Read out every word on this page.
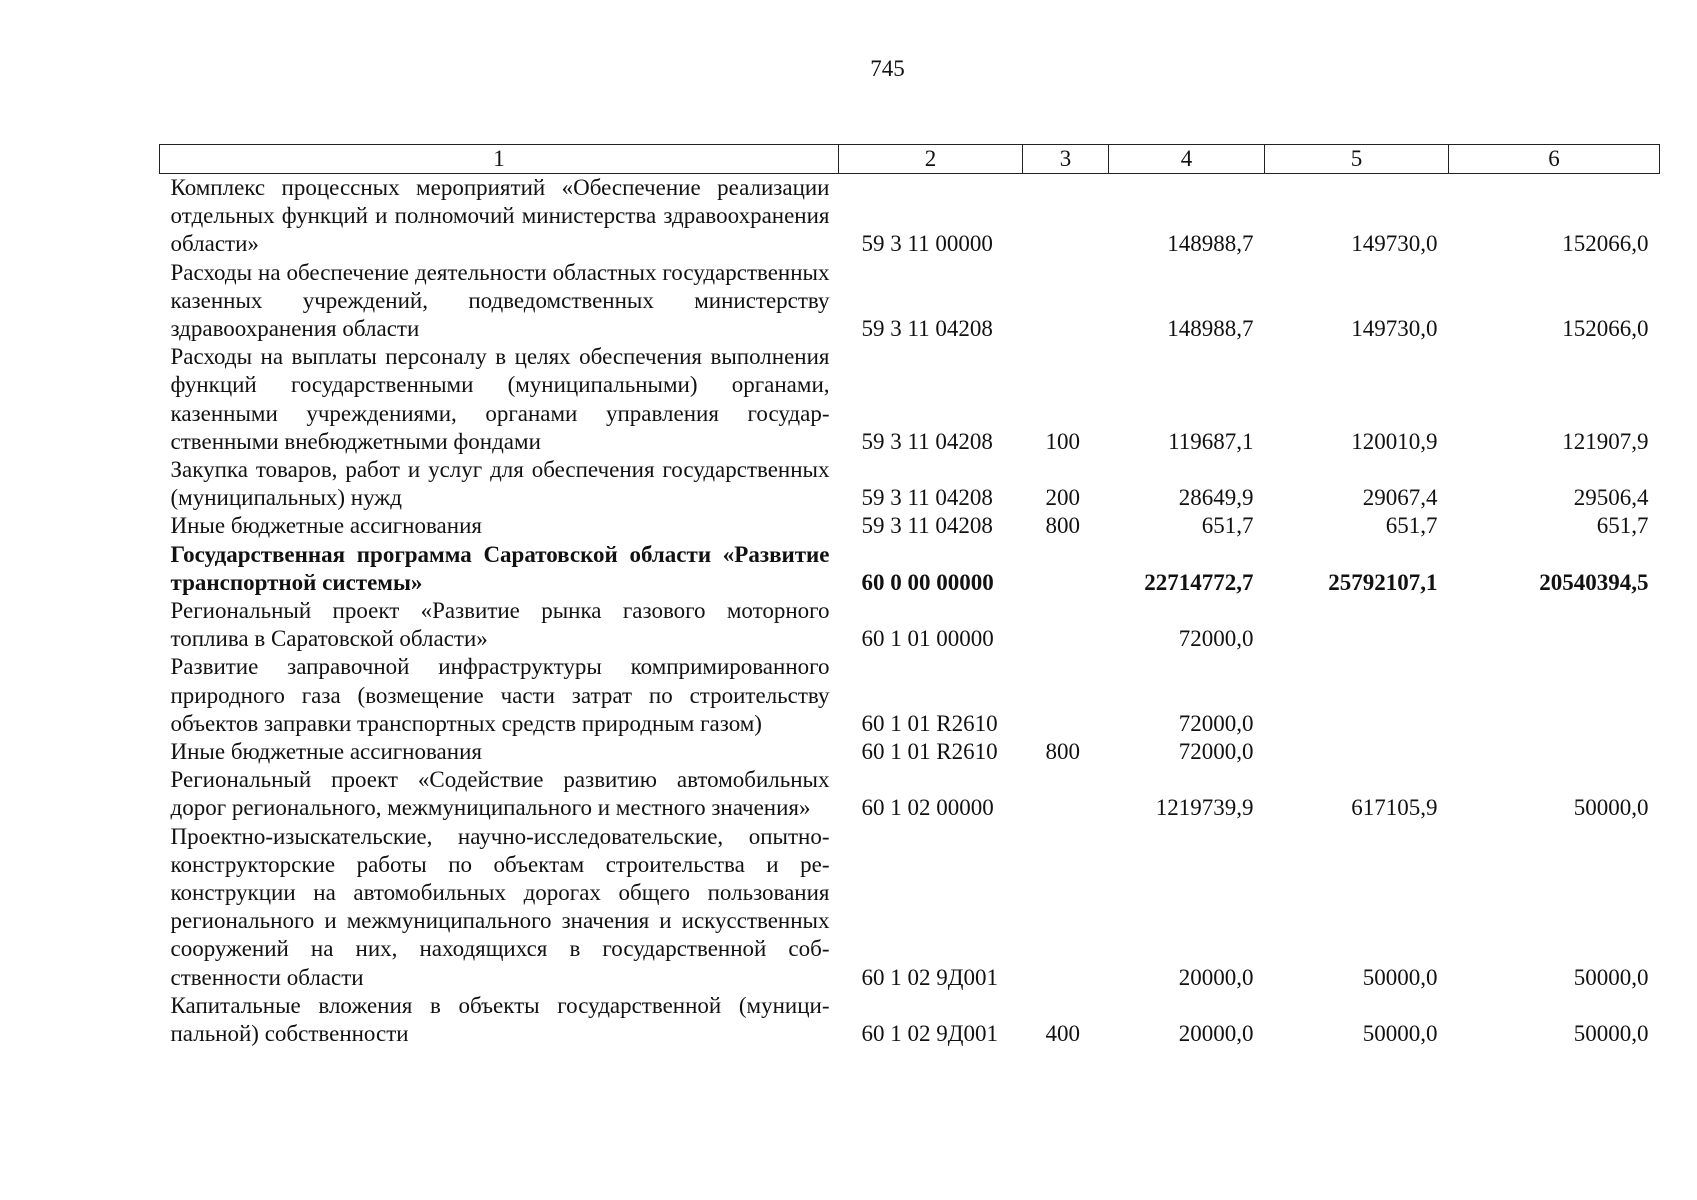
745
1	2	3	4	5	6
Комплекс процессных мероприятий «Обеспечение реализации отдельных функций и полномочий министерства здравоохранения области»	59 3 11 00000		148988,7	149730,0	152066,0
Расходы на обеспечение деятельности областных государственных казенных учреждений, подведомственных министерству здравоохранения области	59 3 11 04208		148988,7	149730,0	152066,0
Расходы на выплаты персоналу в целях обеспечения выполнения функций государственными (муниципальными) органами, казенными учреждениями, органами управления государственными внебюджетными фондами	59 3 11 04208	100	119687,1	120010,9	121907,9
Закупка товаров, работ и услуг для обеспечения государственных (муниципальных) нужд	59 3 11 04208	200	28649,9	29067,4	29506,4
Иные бюджетные ассигнования	59 3 11 04208	800	651,7	651,7	651,7
Государственная программа Саратовской области «Развитие транспортной системы»	60 0 00 00000		22714772,7	25792107,1	20540394,5
Региональный проект «Развитие рынка газового моторного топлива в Саратовской области»	60 1 01 00000		72000,0		
Развитие заправочной инфраструктуры компримированного природного газа (возмещение части затрат по строительству объектов заправки транспортных средств природным газом)	60 1 01 R2610		72000,0		
Иные бюджетные ассигнования	60 1 01 R2610	800	72000,0		
Региональный проект «Содействие развитию автомобильных дорог регионального, межмуниципального и местного значения»	60 1 02 00000		1219739,9	617105,9	50000,0
Проектно-изыскательские, научно-исследовательские, опытно-конструкторские работы по объектам строительства и реконструкции на автомобильных дорогах общего пользования регионального и межмуниципального значения и искусственных сооружений на них, находящихся в государственной собственности области	60 1 02 9Д001		20000,0	50000,0	50000,0
Капитальные вложения в объекты государственной (муниципальной) собственности	60 1 02 9Д001	400	20000,0	50000,0	50000,0
